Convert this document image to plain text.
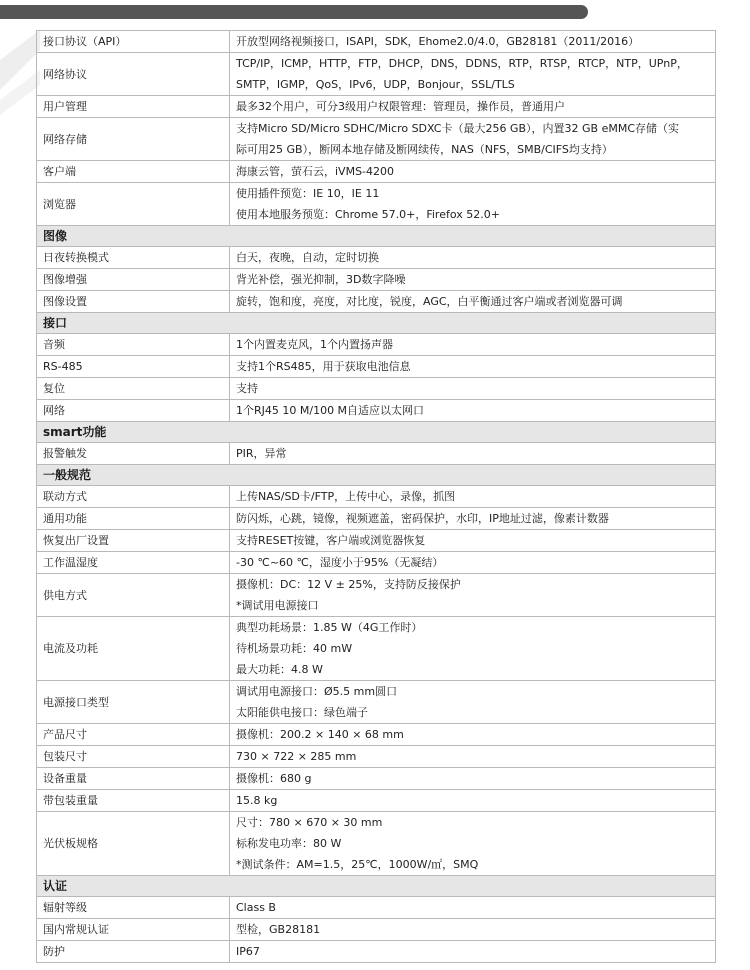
接口协议（API）	开放型网络视频接口，ISAPI，SDK，Ehome2.0/4.0，GB28181（2011/2016）

网络协议	TCP/IP，ICMP，HTTP，FTP，DHCP，DNS，DDNS，RTP，RTSP，RTCP，NTP，UPnP，
SMTP，IGMP，QoS，IPv6，UDP，Bonjour，SSL/TLS

用户管理	最多32个用户，可分3级用户权限管理：管理员，操作员，普通用户

网络存储	支持Micro SD/Micro SDHC/Micro SDXC卡（最大256 GB），内置32 GB eMMC存储（实
际可用25 GB），断网本地存储及断网续传，NAS（NFS，SMB/CIFS均支持）

客户端	海康云管，萤石云，iVMS-4200

浏览器	使用插件预览：IE 10，IE 11
使用本地服务预览：Chrome 57.0+，Firefox 52.0+

图像	
日夜转换模式	白天，夜晚，自动，定时切换

图像增强	背光补偿，强光抑制，3D数字降噪

图像设置	旋转，饱和度，亮度，对比度，锐度，AGC，白平衡通过客户端或者浏览器可调

接口	
音频	1个内置麦克风，1个内置扬声器

RS-485	支持1个RS485，用于获取电池信息

复位	支持

网络	1个RJ45 10 M/100 M自适应以太网口

smart功能	
报警触发	PIR，异常

一般规范	
联动方式	上传NAS/SD卡/FTP，上传中心，录像，抓图

通用功能	防闪烁，心跳，镜像，视频遮盖，密码保护，水印，IP地址过滤，像素计数器

恢复出厂设置	支持RESET按键，客户端或浏览器恢复

工作温湿度	-30 ℃~60 ℃，湿度小于95%（无凝结）

供电方式	摄像机：DC：12 V ± 25%，支持防反接保护
*调试用电源接口

电流及功耗	典型功耗场景：1.85 W（4G工作时）
待机场景功耗：40 mW
最大功耗：4.8 W

电源接口类型	调试用电源接口：Ø5.5 mm圆口
太阳能供电接口：绿色端子

产品尺寸	摄像机：200.2 × 140 × 68 mm

包装尺寸	730 × 722 × 285 mm

设备重量	摄像机：680 g

带包装重量	15.8 kg

光伏板规格	尺寸：780 × 670 × 30 mm
标称发电功率：80 W
*测试条件：AM=1.5，25℃，1000W/㎡，SMQ

认证	
辐射等级	Class B

国内常规认证	型检，GB28181

防护	IP67
